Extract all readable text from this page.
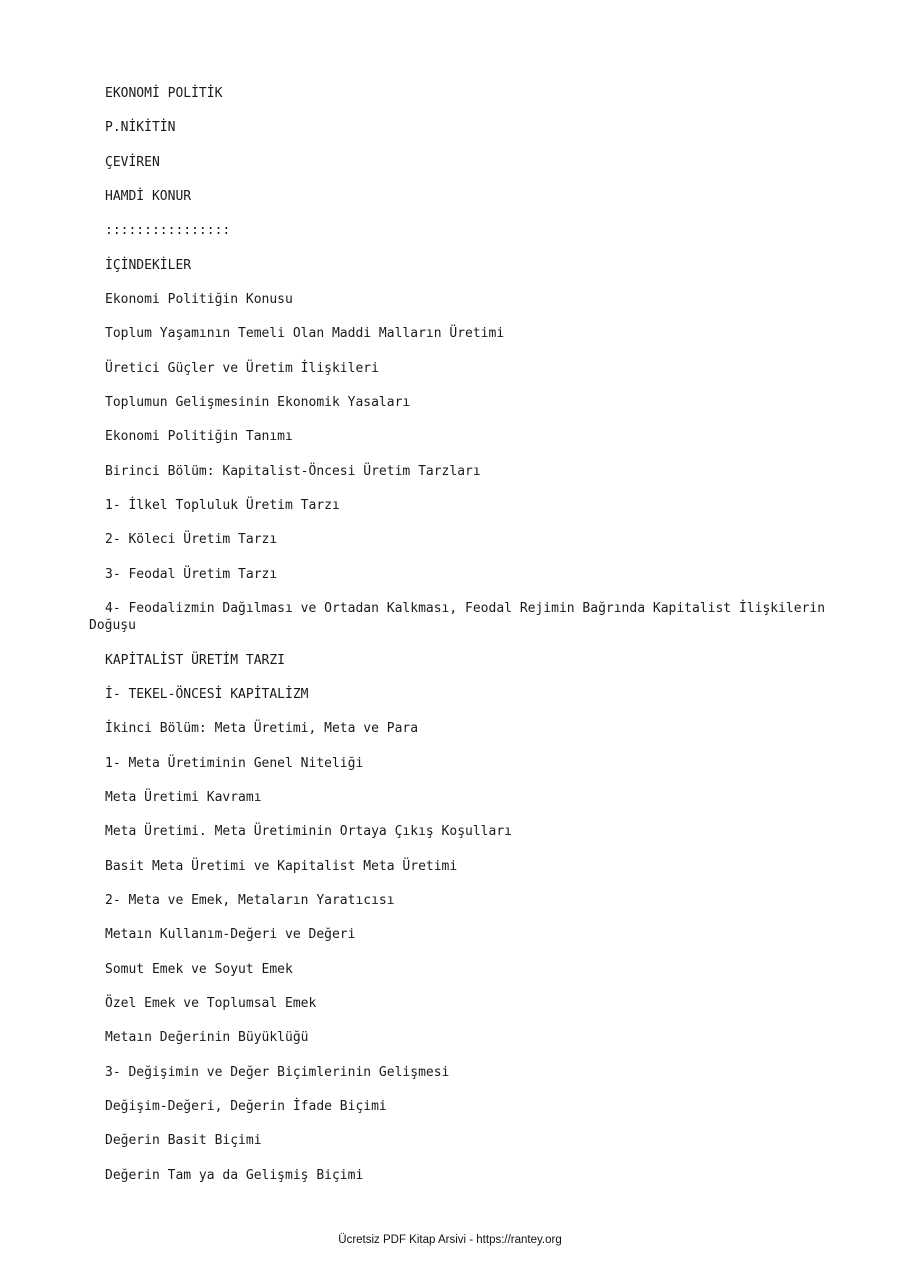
EKONOMİ POLİTİK
P.NİKİTİN
ÇEVİREN
HAMDİ KONUR
::::::::::::::::
İÇİNDEKİLER
Ekonomi Politiğin Konusu
Toplum Yaşamının Temeli Olan Maddi Malların Üretimi
Üretici Güçler ve Üretim İlişkileri
Toplumun Gelişmesinin Ekonomik Yasaları
Ekonomi Politiğin Tanımı
Birinci Bölüm: Kapitalist-Öncesi Üretim Tarzları
1- İlkel Topluluk Üretim Tarzı
2- Köleci Üretim Tarzı
3- Feodal Üretim Tarzı
4- Feodalizmin Dağılması ve Ortadan Kalkması, Feodal Rejimin Bağrında Kapitalist İlişkilerin Doğuşu
KAPİTALİST ÜRETİM TARZI
İ- TEKEL-ÖNCESİ KAPİTALİZM
İkinci Bölüm: Meta Üretimi, Meta ve Para
1- Meta Üretiminin Genel Niteliği
Meta Üretimi Kavramı
Meta Üretimi. Meta Üretiminin Ortaya Çıkış Koşulları
Basit Meta Üretimi ve Kapitalist Meta Üretimi
2- Meta ve Emek, Metaların Yaratıcısı
Metaın Kullanım-Değeri ve Değeri
Somut Emek ve Soyut Emek
Özel Emek ve Toplumsal Emek
Metaın Değerinin Büyüklüğü
3- Değişimin ve Değer Biçimlerinin Gelişmesi
Değişim-Değeri, Değerin İfade Biçimi
Değerin Basit Biçimi
Değerin Tam ya da Gelişmiş Biçimi
Ücretsiz PDF Kitap Arsivi - https://rantey.org
